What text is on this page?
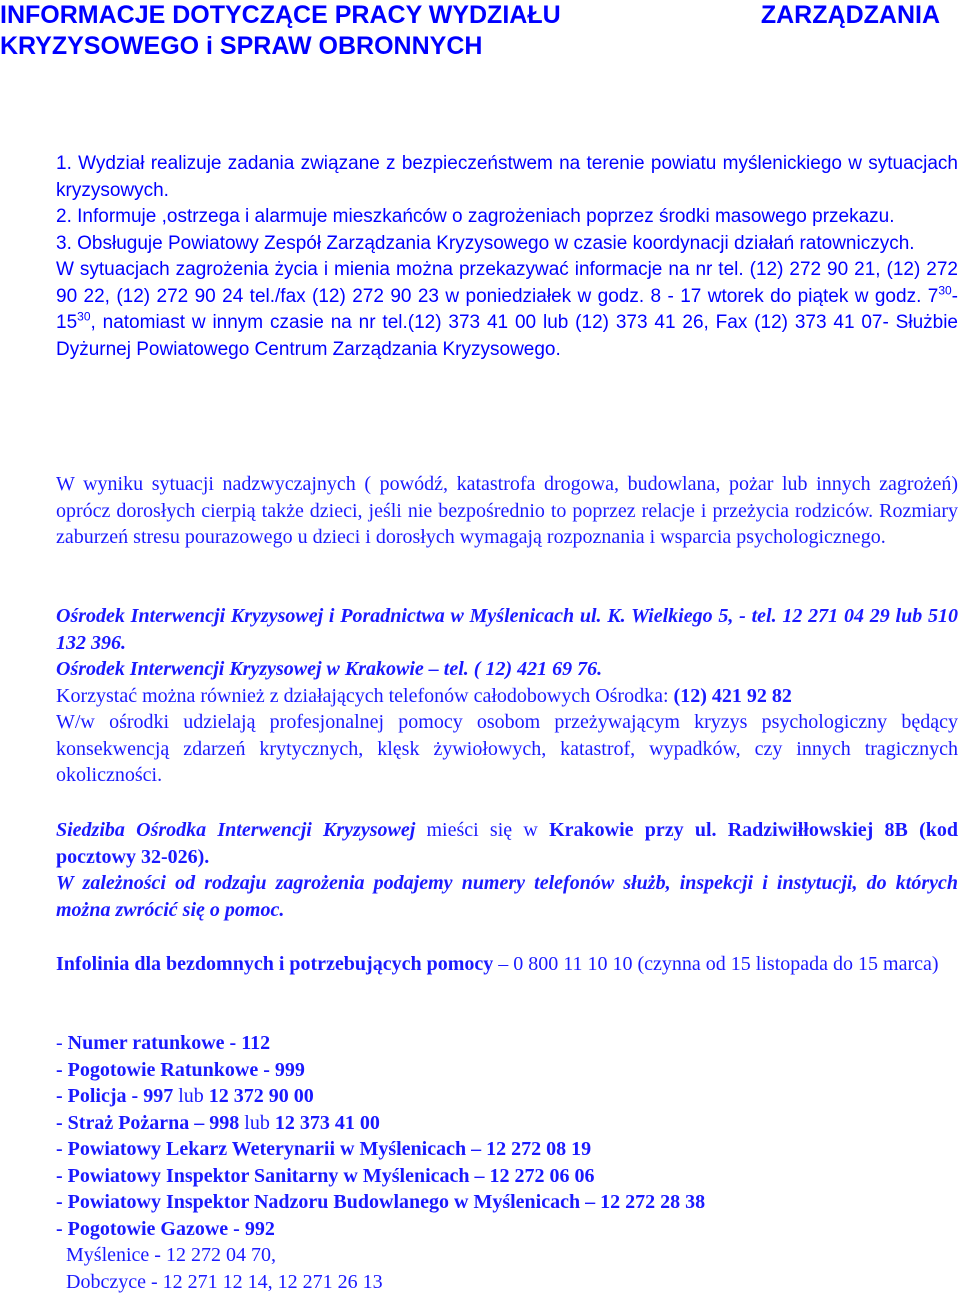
INFORMACJE DOTYCZĄCE PRACY WYDZIAŁU	ZARZĄDZANIA
KRYZYSOWEGO i SPRAW OBRONNYCH
1. Wydział realizuje zadania związane z bezpieczeństwem na terenie powiatu myślenickiego w sytuacjach kryzysowych.
2. Informuje ,ostrzega i alarmuje mieszkańców o zagrożeniach poprzez środki masowego przekazu.
3. Obsługuje Powiatowy Zespół Zarządzania Kryzysowego w czasie koordynacji działań ratowniczych.
W sytuacjach zagrożenia życia i mienia można przekazywać informacje na nr tel. (12) 272 90 21, (12) 272 90 22, (12) 272 90 24 tel./fax (12) 272 90 23 w poniedziałek w godz. 8 - 17 wtorek do piątek w godz. $7^{30}-15^{30}$, natomiast w innym czasie na nr tel.(12) 373 41 00 lub (12) 373 41 26, Fax (12) 373 41 07- Służbie Dyżurnej Powiatowego Centrum Zarządzania Kryzysowego.

W wyniku sytuacji nadzwyczajnych ( powódź, katastrofa drogowa, budowlana, pożar lub innych zagrożeń) oprócz dorosłych cierpią także dzieci, jeśli nie bezpośrednio to poprzez relacje i przeżycia rodziców. Rozmiary zaburzeń stresu pourazowego u dzieci i dorosłych wymagają rozpoznania i wsparcia psychologicznego.

Ośrodek Interwencji Kryzysowej i Poradnictwa w Myślenicach ul. K. Wielkiego 5, - tel. 12 271 04 29 lub 510 132 396.
Ośrodek Interwencji Kryzysowej w Krakowie – tel. ( 12) 421 69 76.
Korzystać można również z działających telefonów całodobowych Ośrodka: (12) 421 92 82
W/w ośrodki udzielają profesjonalnej pomocy osobom przeżywającym kryzys psychologiczny będący konsekwencją zdarzeń krytycznych, klęsk żywiołowych, katastrof, wypadków, czy innych tragicznych okoliczności.
Siedziba Ośrodka Interwencji Kryzysowej mieści się w Krakowie przy ul. Radziwiłłowskiej 8B (kod pocztowy 32-026).
W zależności od rodzaju zagrożenia podajemy numery telefonów służb, inspekcji i instytucji, do których można zwrócić się o pomoc.

Infolinia dla bezdomnych i potrzebujących pomocy – 0 800 11 10 10 (czynna od 15 listopada do 15 marca)

- Numer ratunkowe - 112
- Pogotowie Ratunkowe - 999
- Policja - 997 lub 12 372 90 00
- Straż Pożarna – 998 lub 12 373 41 00
- Powiatowy Lekarz Weterynarii w Myślenicach – 12 272 08 19
- Powiatowy Inspektor Sanitarny w Myślenicach – 12 272 06 06
- Powiatowy Inspektor Nadzoru Budowlanego w Myślenicach – 12 272 28 38
- Pogotowie Gazowe - 992
Myślenice - 12 272 04 70,
Dobczyce - 12 271 12 14, 12 271 26 13
